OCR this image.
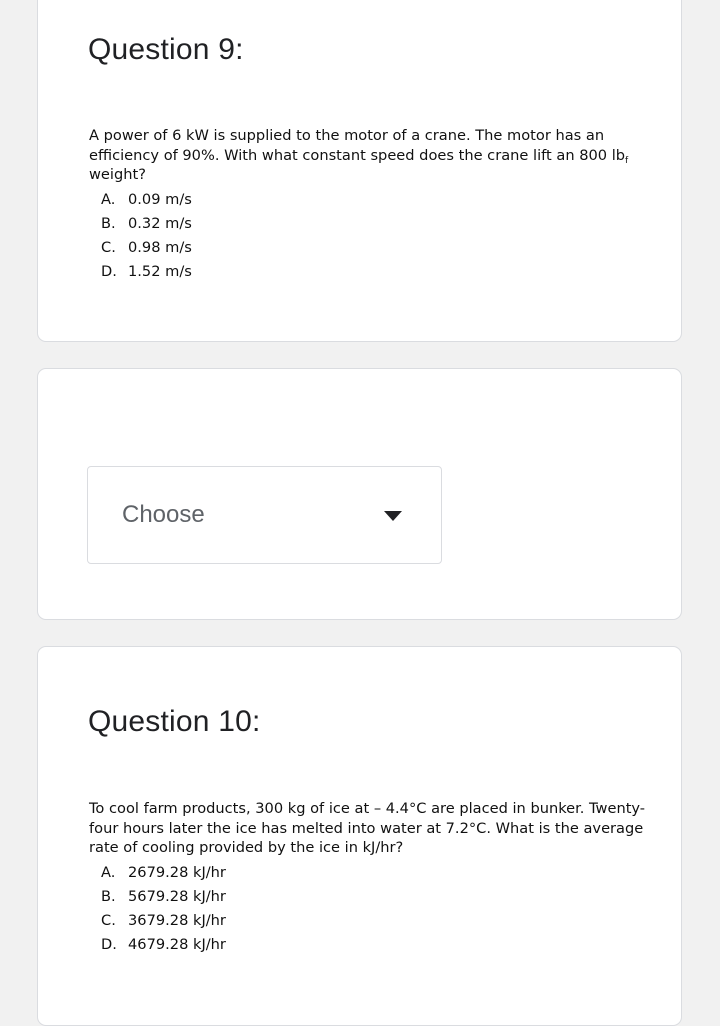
Question 9:

A power of 6 kW is supplied to the motor of a crane. The motor has an efficiency of 90%. With what constant speed does the crane lift an 800 $lb_f$ weight?

A. 0.09 m/s
B. 0.32 m/s
C. 0.98 m/s
D. 1.52 m/s
Choose
Question 10:

To cool farm products, 300 kg of ice at – 4.4°C are placed in bunker. Twenty-four hours later the ice has melted into water at 7.2°C. What is the average rate of cooling provided by the ice in kJ/hr?

A. 2679.28 kJ/hr
B. 5679.28 kJ/hr
C. 3679.28 kJ/hr
D. 4679.28 kJ/hr
